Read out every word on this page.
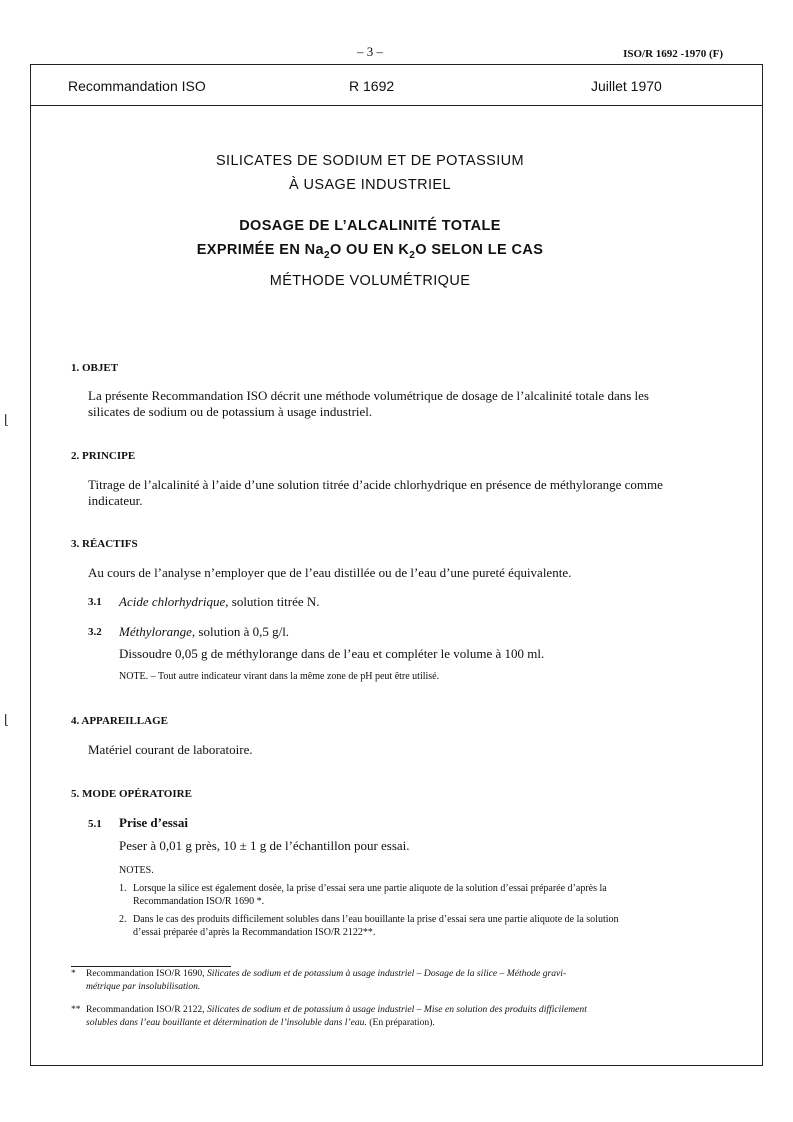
– 3 –	ISO/R 1692 -1970 (F)
Recommandation ISO	R 1692	Juillet 1970
SILICATES DE SODIUM ET DE POTASSIUM
À USAGE INDUSTRIEL
DOSAGE DE L’ALCALINITÉ TOTALE
EXPRIMÉE EN $Na_2O$ OU EN $K_2O$ SELON LE CAS
MÉTHODE VOLUMÉTRIQUE
⌊
⌊
1. OBJET
La présente Recommandation ISO décrit une méthode volumétrique de dosage de l’alcalinité totale dans les
silicates de sodium ou de potassium à usage industriel.
2. PRINCIPE
Titrage de l’alcalinité à l’aide d’une solution titrée d’acide chlorhydrique en présence de méthylorange comme
indicateur.
3. RÉACTIFS
Au cours de l’analyse n’employer que de l’eau distillée ou de l’eau d’une pureté équivalente.
3.1 Acide chlorhydrique, solution titrée N.
3.2 Méthylorange, solution à 0,5 g/l.
Dissoudre 0,05 g de méthylorange dans de l’eau et compléter le volume à 100 ml.
NOTE. – Tout autre indicateur virant dans la même zone de pH peut être utilisé.
4. APPAREILLAGE
Matériel courant de laboratoire.
5. MODE OPÉRATOIRE
5.1 Prise d’essai
Peser à 0,01 g près, 10 ± 1 g de l’échantillon pour essai.
NOTES.
1. Lorsque la silice est également dosée, la prise d’essai sera une partie aliquote de la solution d’essai préparée d’après la
Recommandation ISO/R 1690 *.
2. Dans le cas des produits difficilement solubles dans l’eau bouillante la prise d’essai sera une partie aliquote de la solution
d’essai préparée d’après la Recommandation ISO/R 2122**.
* Recommandation ISO/R 1690, Silicates de sodium et de potassium à usage industriel – Dosage de la silice – Méthode gravi-
métrique par insolubilisation.
** Recommandation ISO/R 2122, Silicates de sodium et de potassium à usage industriel – Mise en solution des produits difficilement
solubles dans l’eau bouillante et détermination de l’insoluble dans l’eau. (En préparation).
